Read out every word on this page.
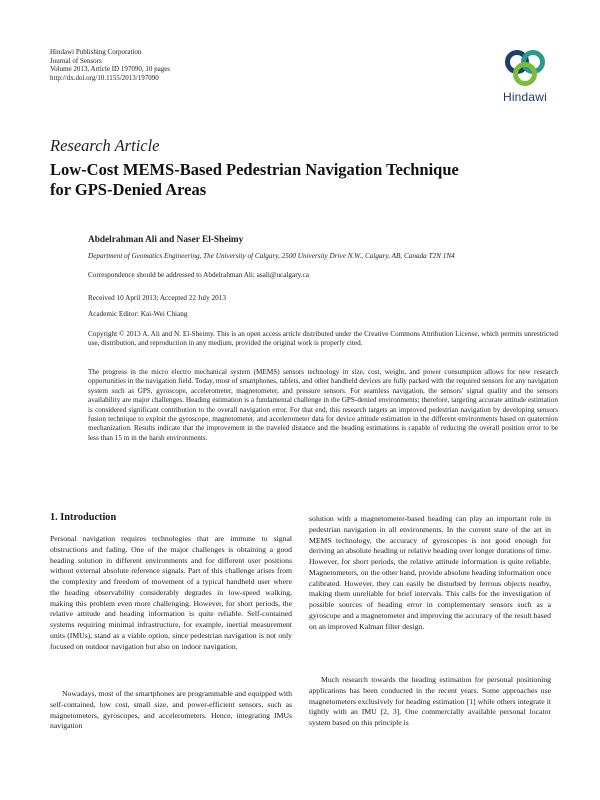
Hindawi Publishing Corporation
Journal of Sensors
Volume 2013, Article ID 197090, 10 pages
http://dx.doi.org/10.1155/2013/197090
Hindawi
Research Article
Low-Cost MEMS-Based Pedestrian Navigation Technique for GPS-Denied Areas
Abdelrahman Ali and Naser El-Sheimy
Department of Geomatics Engineering, The University of Calgary, 2500 University Drive N.W., Calgary, AB, Canada T2N 1N4
Correspondence should be addressed to Abdelrahman Ali; asali@ucalgary.ca
Received 10 April 2013; Accepted 22 July 2013
Academic Editor: Kai-Wei Chiang
Copyright © 2013 A. Ali and N. El-Sheimy. This is an open access article distributed under the Creative Commons Attribution License, which permits unrestricted use, distribution, and reproduction in any medium, provided the original work is properly cited.
The progress in the micro electro mechanical system (MEMS) sensors technology in size, cost, weight, and power consumption allows for new research opportunities in the navigation field. Today, most of smartphones, tablets, and other handheld devices are fully packed with the required sensors for any navigation system such as GPS, gyroscope, accelerometer, magnetometer, and pressure sensors. For seamless navigation, the sensors' signal quality and the sensors availability are major challenges. Heading estimation is a fundamental challenge in the GPS-denied environments; therefore, targeting accurate attitude estimation is considered significant contribution to the overall navigation error. For that end, this research targets an improved pedestrian navigation by developing sensors fusion technique to exploit the gyroscope, magnetometer, and accelerometer data for device attitude estimation in the different environments based on quaternion mechanization. Results indicate that the improvement in the traveled distance and the heading estimations is capable of reducing the overall position error to be less than 15 m in the harsh environments.
1. Introduction
Personal navigation requires technologies that are immune to signal obstructions and fading. One of the major challenges is obtaining a good heading solution in different environments and for different user positions without external absolute reference signals. Part of this challenge arises from the complexity and freedom of movement of a typical handheld user where the heading observability considerably degrades in low-speed walking, making this problem even more challenging. However, for short periods, the relative attitude and heading information is quite reliable. Self-contained systems requiring minimal infrastructure, for example, inertial measurement units (IMUs), stand as a viable option, since pedestrian navigation is not only focused on outdoor navigation but also on indoor navigation.
Nowadays, most of the smartphones are programmable and equipped with self-contained, low cost, small size, and power-efficient sensors, such as magnetometers, gyroscopes, and accelerometers. Hence, integrating IMUs navigation
solution with a magnetometer-based heading can play an important role in pedestrian navigation in all environments. In the current state of the art in MEMS technology, the accuracy of gyroscopes is not good enough for deriving an absolute heading or relative heading over longer durations of time. However, for short periods, the relative attitude information is quite reliable. Magnetometers, on the other hand, provide absolute heading information once calibrated. However, they can easily be disturbed by ferrous objects nearby, making them unreliable for brief intervals. This calls for the investigation of possible sources of heading error in complementary sensors such as a gyroscope and a magnetometer and improving the accuracy of the result based on an improved Kalman filter design.
Much research towards the heading estimation for personal positioning applications has been conducted in the recent years. Some approaches use magnetometers exclusively for heading estimation [1] while others integrate it tightly with an IMU [2, 3]. One commercially available personal locator system based on this principle is
